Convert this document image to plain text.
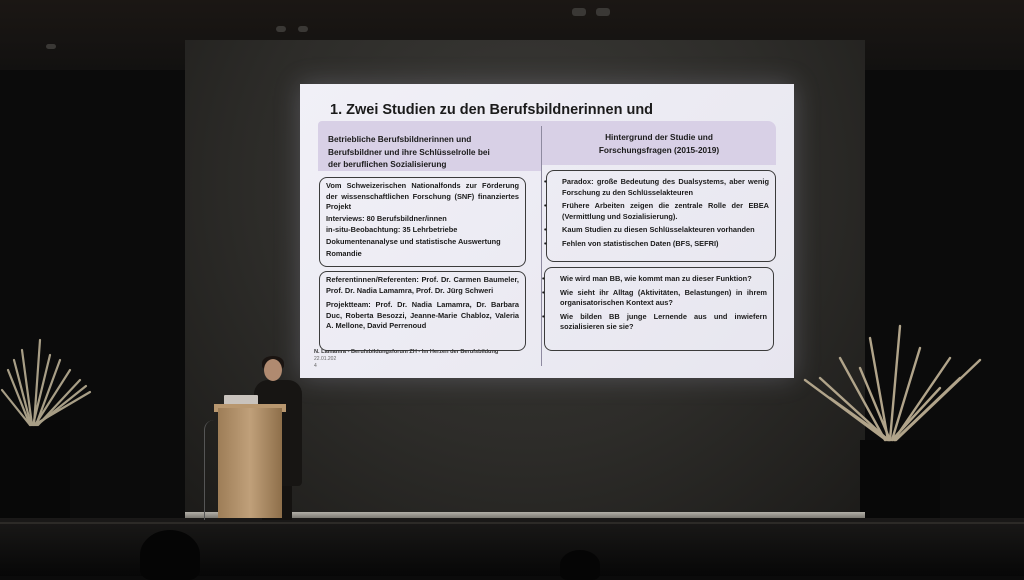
1. Zwei Studien zu den Berufsbildnerinnen und
Betriebliche Berufsbildnerinnen und
Berufsbildner und ihre Schlüsselrolle bei
der beruflichen Sozialisierung
Hintergrund der Studie und
Forschungsfragen (2015-2019)

Vom Schweizerischen Nationalfonds zur Förderung der wissenschaftlichen Forschung (SNF) finanziertes Projekt

Interviews: 80 Berufsbildner/innen

in-situ-Beobachtung: 35 Lehrbetriebe

Dokumentenanalyse und statistische Auswertung

Romandie

Referentinnen/Referenten: Prof. Dr. Carmen Baumeler, Prof. Dr. Nadia Lamamra, Prof. Dr. Jürg Schweri

Projektteam: Prof. Dr. Nadia Lamamra, Dr. Barbara Duc, Roberta Besozzi, Jeanne-Marie Chabloz, Valeria A. Mellone, David Perrenoud

• Paradox: große Bedeutung des Dualsystems, aber wenig Forschung zu den Schlüsselakteuren

• Frühere Arbeiten zeigen die zentrale Rolle der EBEA (Vermittlung und Sozialisierung).

• Kaum Studien zu diesen Schlüsselakteuren vorhanden

• Fehlen von statistischen Daten (BFS, SEFRI)

• Wie wird man BB, wie kommt man zu dieser Funktion?

• Wie sieht ihr Alltag (Aktivitäten, Belastungen) in ihrem organisatorischen Kontext aus?

• Wie bilden BB junge Lernende aus und inwiefern sozialisieren sie sie?

N. Lamamra - Berufsbildungsforum ZH - Im Herzen der Berufsbildung
22.01.202
4
